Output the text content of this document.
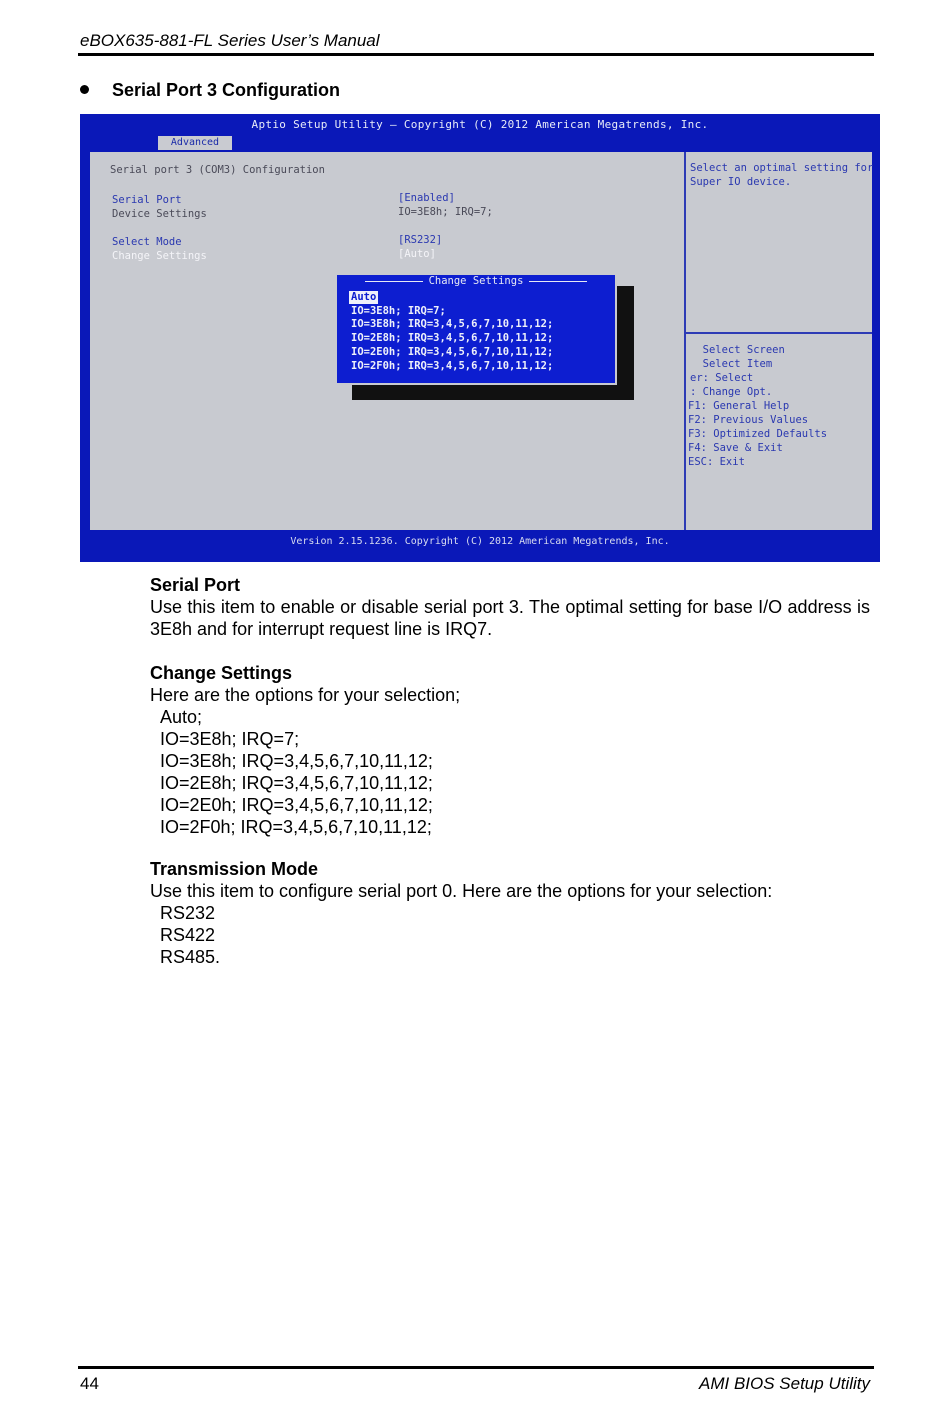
eBOX635-881-FL Series User’s Manual
Serial Port 3 Configuration
Aptio Setup Utility – Copyright (C) 2012 American Megatrends, Inc.
Advanced
Serial port 3 (COM3) Configuration
Serial Port	[Enabled]
Device Settings	IO=3E8h; IRQ=7;
Select Mode	[RS232]
Change Settings	[Auto]
Select an optimal setting for
Super IO device.
Select Screen
Select Item
er: Select
: Change Opt.
F1: General Help
F2: Previous Values
F3: Optimized Defaults
F4: Save & Exit
ESC: Exit
Change Settings
Auto
IO=3E8h; IRQ=7;
IO=3E8h; IRQ=3,4,5,6,7,10,11,12;
IO=2E8h; IRQ=3,4,5,6,7,10,11,12;
IO=2E0h; IRQ=3,4,5,6,7,10,11,12;
IO=2F0h; IRQ=3,4,5,6,7,10,11,12;
Version 2.15.1236. Copyright (C) 2012 American Megatrends, Inc.
Serial Port
Use this item to enable or disable serial port 3. The optimal setting for base I/O address is 3E8h and for interrupt request line is IRQ7.
Change Settings
Here are the options for your selection;
Auto;
IO=3E8h; IRQ=7;
IO=3E8h; IRQ=3,4,5,6,7,10,11,12;
IO=2E8h; IRQ=3,4,5,6,7,10,11,12;
IO=2E0h; IRQ=3,4,5,6,7,10,11,12;
IO=2F0h; IRQ=3,4,5,6,7,10,11,12;
Transmission Mode
Use this item to configure serial port 0. Here are the options for your selection:
RS232
RS422
RS485.
44	AMI BIOS Setup Utility
